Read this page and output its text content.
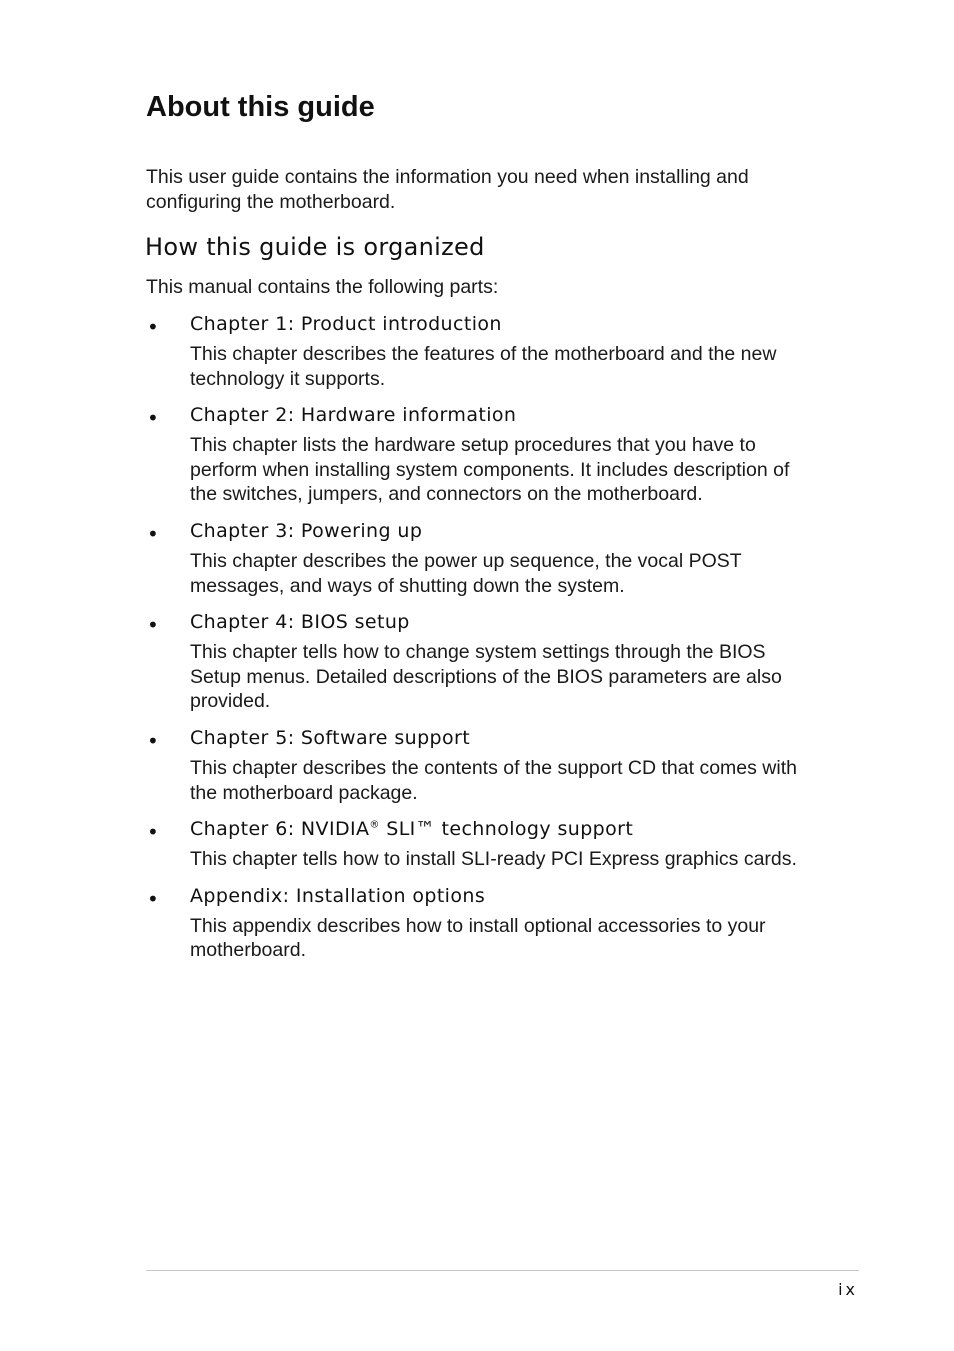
About this guide

This user guide contains the information you need when installing and configuring the motherboard.

How this guide is organized

This manual contains the following parts:

• Chapter 1: Product introduction

This chapter describes the features of the motherboard and the new technology it supports.

• Chapter 2: Hardware information

This chapter lists the hardware setup procedures that you have to perform when installing system components. It includes description of the switches, jumpers, and connectors on the motherboard.

• Chapter 3: Powering up

This chapter describes the power up sequence, the vocal POST messages, and ways of shutting down the system.

• Chapter 4: BIOS setup

This chapter tells how to change system settings through the BIOS Setup menus. Detailed descriptions of the BIOS parameters are also provided.

• Chapter 5: Software support

This chapter describes the contents of the support CD that comes with the motherboard package.

• Chapter 6: NVIDIA® SLI™ technology support

This chapter tells how to install SLI-ready PCI Express graphics cards.

• Appendix: Installation options

This appendix describes how to install optional accessories to your motherboard.

ix
